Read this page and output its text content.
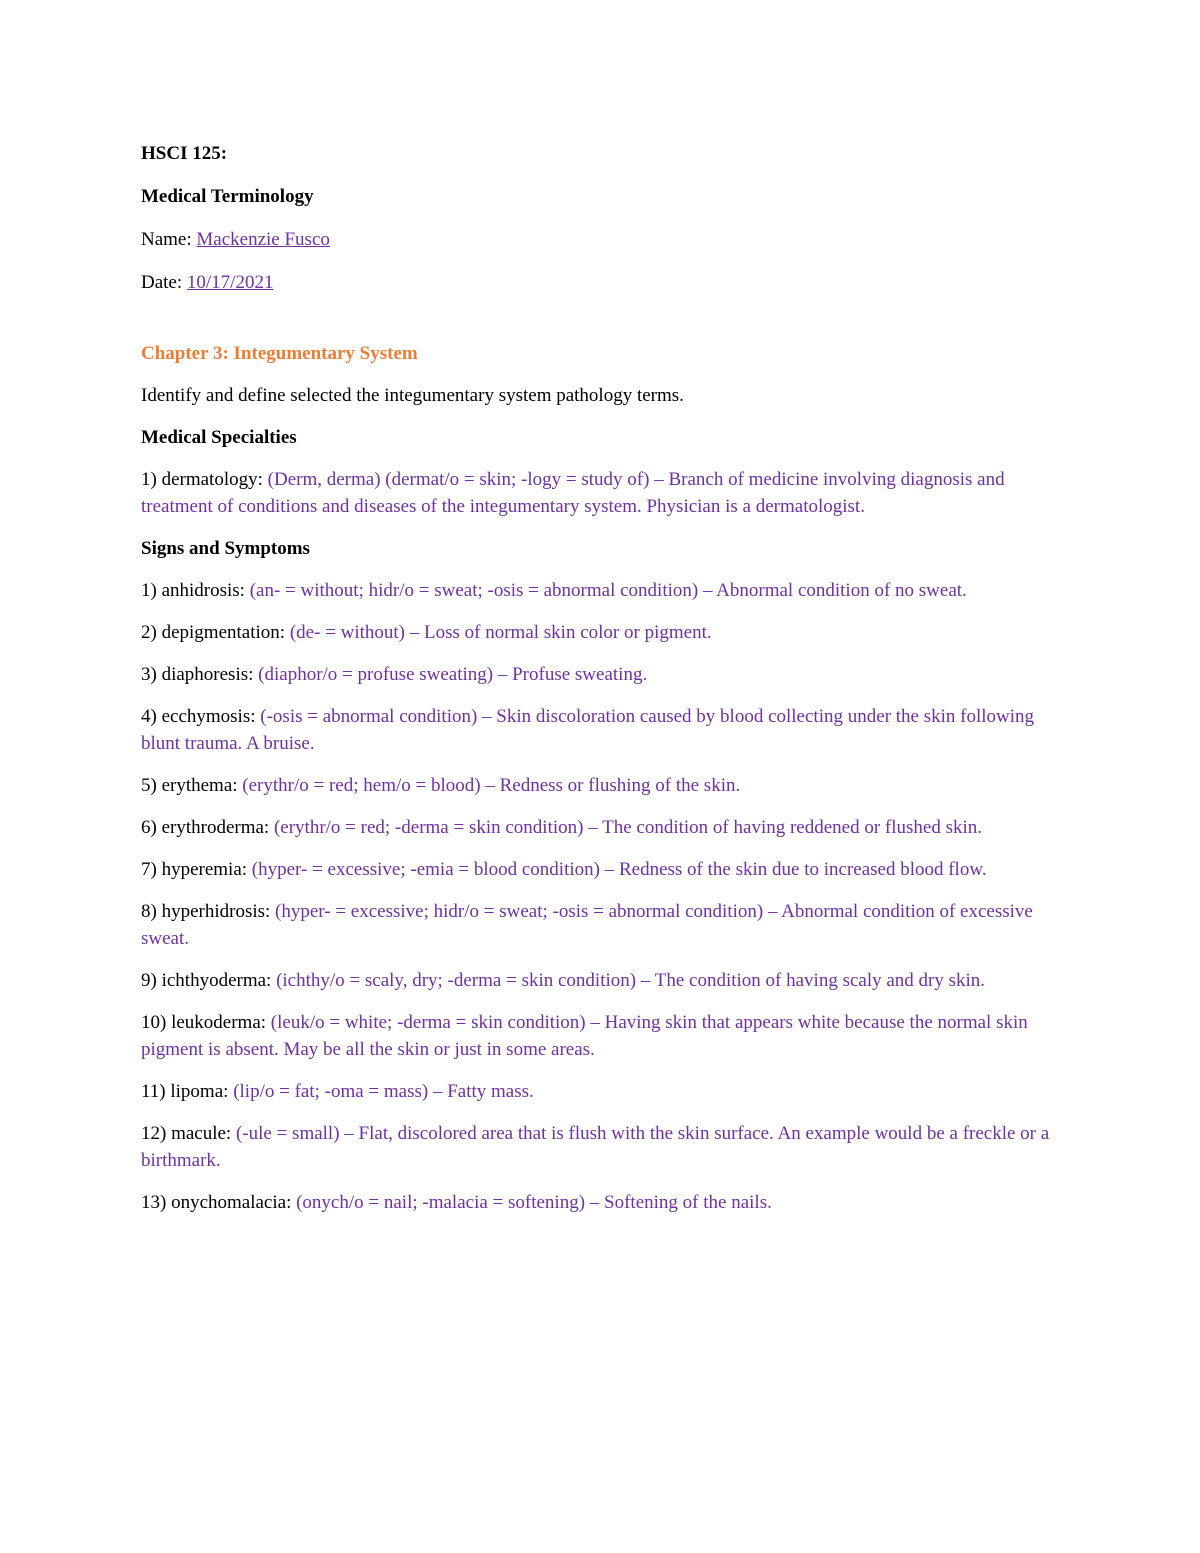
HSCI 125:

Medical Terminology

Name: Mackenzie Fusco

Date: 10/17/2021

Chapter 3: Integumentary System

Identify and define selected the integumentary system pathology terms.

Medical Specialties

1) dermatology: (Derm, derma) (dermat/o = skin; -logy = study of) – Branch of medicine involving diagnosis and treatment of conditions and diseases of the integumentary system. Physician is a dermatologist.

Signs and Symptoms

1) anhidrosis: (an- = without; hidr/o = sweat; -osis = abnormal condition) – Abnormal condition of no sweat.

2) depigmentation: (de- = without) – Loss of normal skin color or pigment.

3) diaphoresis: (diaphor/o = profuse sweating) – Profuse sweating.

4) ecchymosis: (-osis = abnormal condition) – Skin discoloration caused by blood collecting under the skin following blunt trauma. A bruise.

5) erythema: (erythr/o = red; hem/o = blood) – Redness or flushing of the skin.

6) erythroderma: (erythr/o = red; -derma = skin condition) – The condition of having reddened or flushed skin.

7) hyperemia: (hyper- = excessive; -emia = blood condition) – Redness of the skin due to increased blood flow.

8) hyperhidrosis: (hyper- = excessive; hidr/o = sweat; -osis = abnormal condition) – Abnormal condition of excessive sweat.

9) ichthyoderma: (ichthy/o = scaly, dry; -derma = skin condition) – The condition of having scaly and dry skin.

10) leukoderma: (leuk/o = white; -derma = skin condition) – Having skin that appears white because the normal skin pigment is absent. May be all the skin or just in some areas.

11) lipoma: (lip/o = fat; -oma = mass) – Fatty mass.

12) macule: (-ule = small) – Flat, discolored area that is flush with the skin surface. An example would be a freckle or a birthmark.

13) onychomalacia: (onych/o = nail; -malacia = softening) – Softening of the nails.
